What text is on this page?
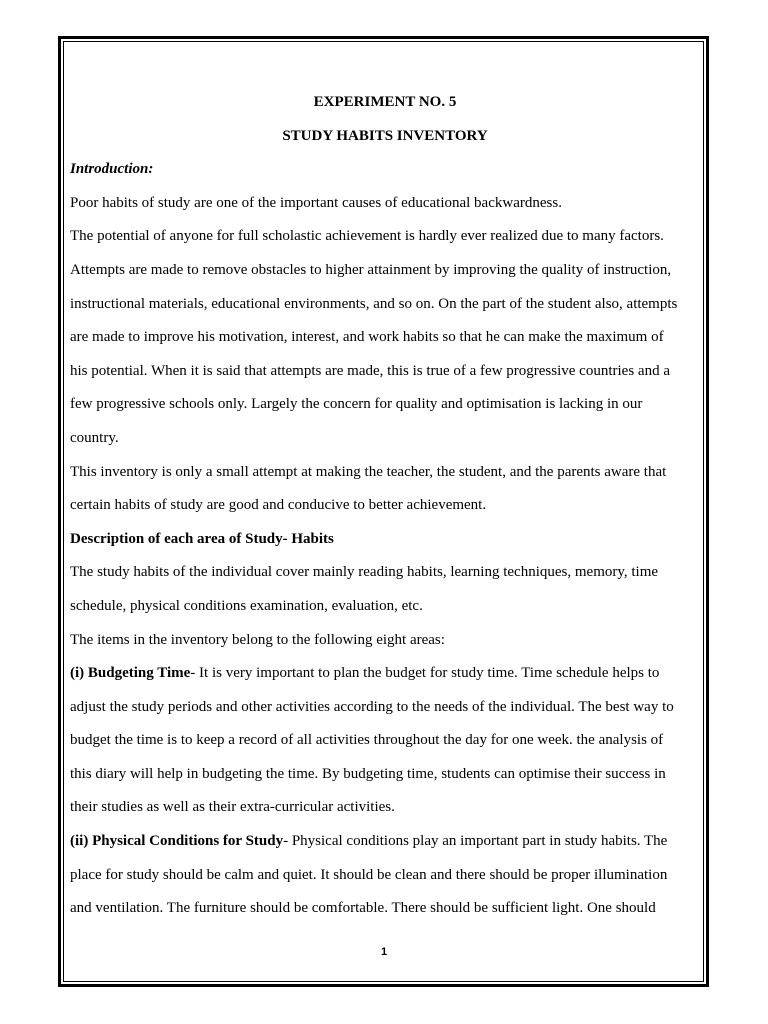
EXPERIMENT NO. 5

STUDY HABITS INVENTORY

Introduction:

Poor habits of study are one of the important causes of educational backwardness.

The potential of anyone for full scholastic achievement is hardly ever realized due to many factors.

Attempts are made to remove obstacles to higher attainment by improving the quality of instruction,

instructional materials, educational environments, and so on. On the part of the student also, attempts

are made to improve his motivation, interest, and work habits so that he can make the maximum of

his potential. When it is said that attempts are made, this is true of a few progressive countries and a

few progressive schools only. Largely the concern for quality and optimisation is lacking in our

country.

This inventory is only a small attempt at making the teacher, the student, and the parents aware that

certain habits of study are good and conducive to better achievement.

Description of each area of Study- Habits

The study habits of the individual cover mainly reading habits, learning techniques, memory, time

schedule, physical conditions examination, evaluation, etc.

The items in the inventory belong to the following eight areas:

(i) Budgeting Time- It is very important to plan the budget for study time. Time schedule helps to

adjust the study periods and other activities according to the needs of the individual. The best way to

budget the time is to keep a record of all activities throughout the day for one week. the analysis of

this diary will help in budgeting the time. By budgeting time, students can optimise their success in

their studies as well as their extra-curricular activities.

(ii) Physical Conditions for Study- Physical conditions play an important part in study habits. The

place for study should be calm and quiet. It should be clean and there should be proper illumination

and ventilation. The furniture should be comfortable. There should be sufficient light. One should

1
